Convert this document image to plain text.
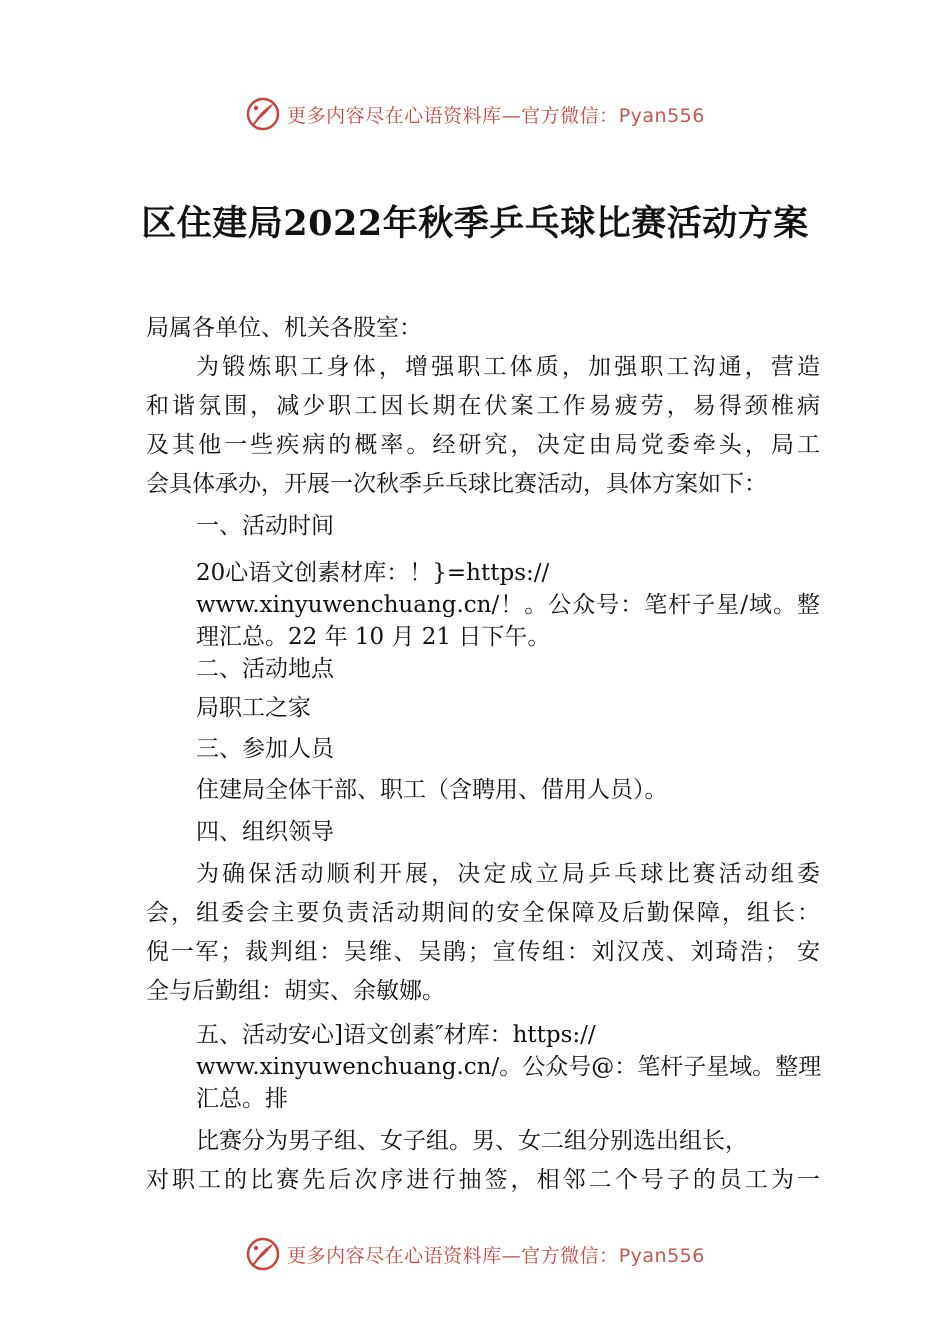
更多内容尽在心语资料库—官方微信：Pyan556
区住建局2022年秋季乒乓球比赛活动方案
局属各单位、机关各股室：
为锻炼职工身体，增强职工体质，加强职工沟通，营造
和谐氛围，减少职工因长期在伏案工作易疲劳，易得颈椎病
及其他一些疾病的概率。经研究，决定由局党委牵头，局工
会具体承办，开展一次秋季乒乓球比赛活动，具体方案如下：
一、活动时间
20心语文创素材库：！}=https://
www.xinyuwenchuang.cn/！。公众号：笔杆子星/域。整
理汇总。22 年 10 月 21 日下午。
二、活动地点
局职工之家
三、参加人员
住建局全体干部、职工（含聘用、借用人员）。
四、组织领导
为确保活动顺利开展，决定成立局乒乓球比赛活动组委
会，组委会主要负责活动期间的安全保障及后勤保障，组长：
倪一军；裁判组：吴维、吴鹃；宣传组：刘汉茂、刘琦浩； 安
全与后勤组：胡实、余敏娜。
五、活动安心]语文创素″材库：https://
www.xinyuwenchuang.cn/。公众号@：笔杆子星域。整理
汇总。排
比赛分为男子组、女子组。男、女二组分别选出组长，
对职工的比赛先后次序进行抽签，相邻二个号子的员工为一
更多内容尽在心语资料库—官方微信：Pyan556
